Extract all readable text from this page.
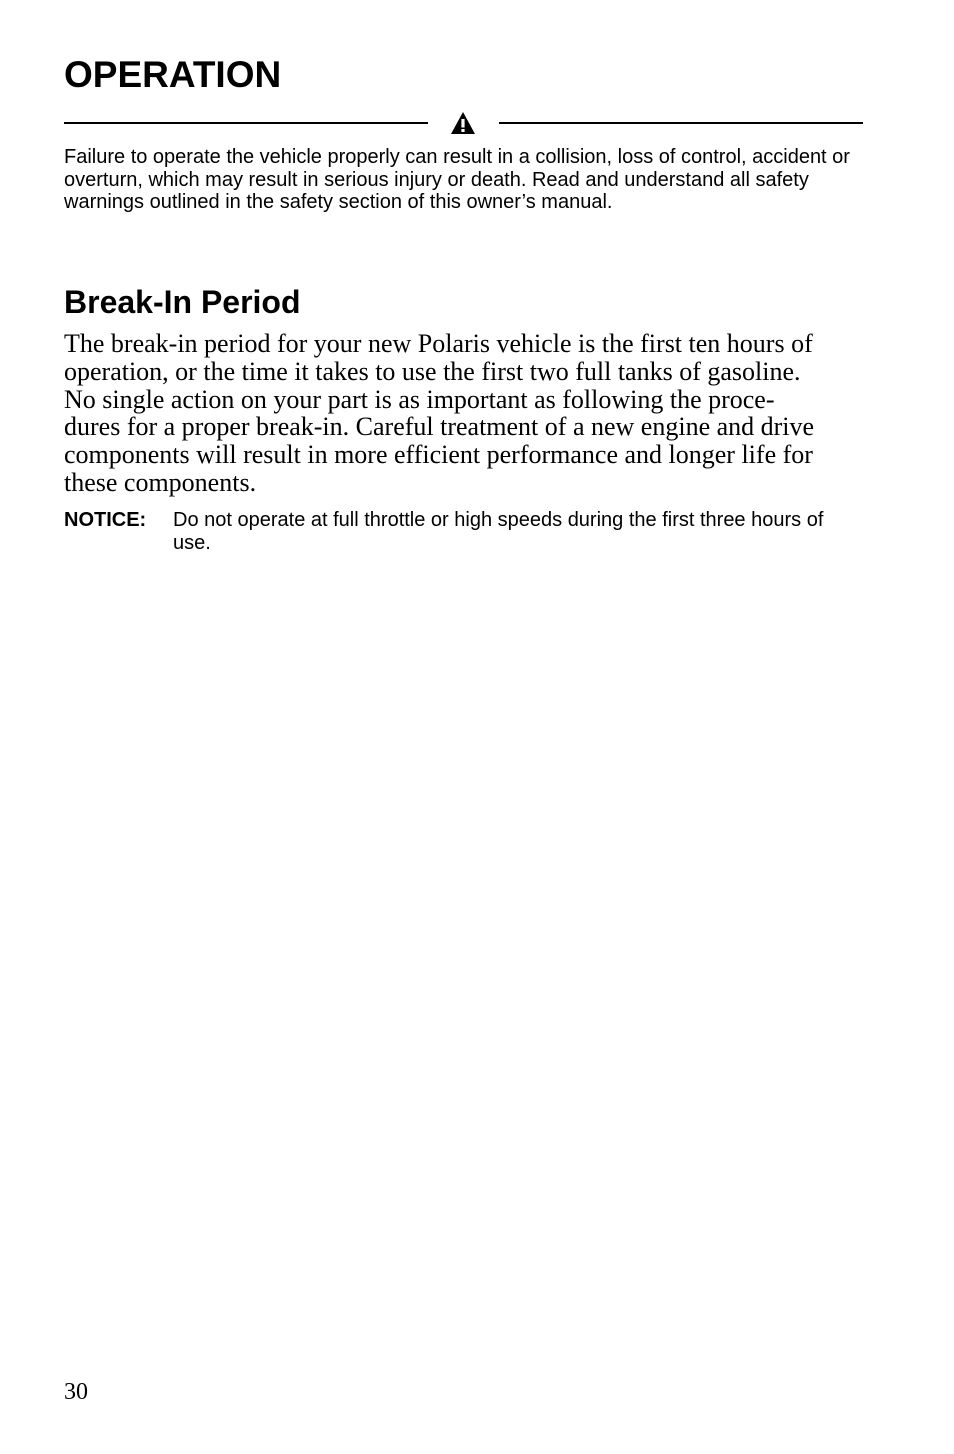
OPERATION

Failure to operate the vehicle properly can result in a collision, loss of control, accident or overturn, which may result in serious injury or death. Read and understand all safety warnings outlined in the safety section of this owner’s manual.

Break-In Period

The break-in period for your new Polaris vehicle is the first ten hours of
operation, or the time it takes to use the first two full tanks of gasoline.
No single action on your part is as important as following the proce-
dures for a proper break-in. Careful treatment of a new engine and drive
components will result in more efficient performance and longer life for
these components.

NOTICE: Do not operate at full throttle or high speeds during the first three hours of use.
30
